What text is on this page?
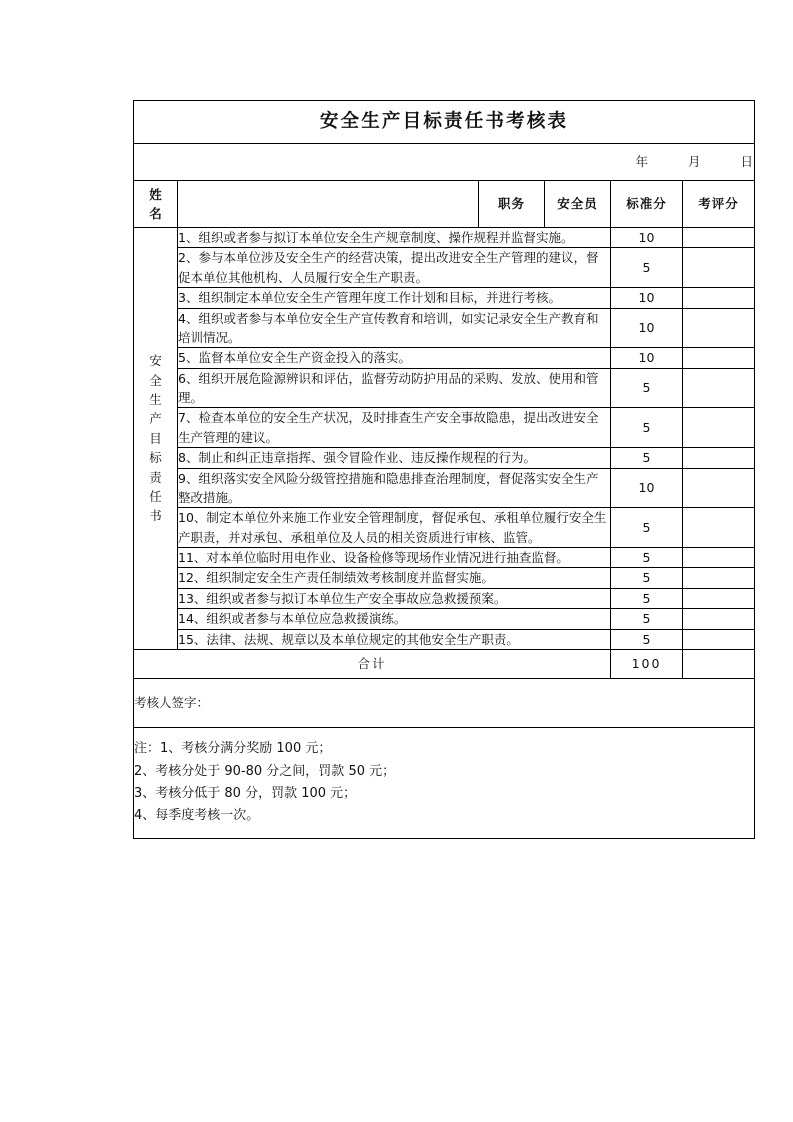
安全生产目标责任书考核表					
年 月 日					

姓
名		职务	安全员	标准分	考评分

安
全
生
产
目
标
责
任
书
	1、组织或者参与拟订本单位安全生产规章制度、操作规程并监督实施。	10	
	2、参与本单位涉及安全生产的经营决策，提出改进安全生产管理的建议，督促本单位其他机构、人员履行安全生产职责。			5	
	3、组织制定本单位安全生产管理年度工作计划和目标，并进行考核。			10	
	4、组织或者参与本单位安全生产宣传教育和培训，如实记录安全生产教育和培训情况。			10	
	5、监督本单位安全生产资金投入的落实。			10	
	6、组织开展危险源辨识和评估，监督劳动防护用品的采购、发放、使用和管理。			5	
	7、检查本单位的安全生产状况，及时排查生产安全事故隐患，提出改进安全生产管理的建议。			5	
	8、制止和纠正违章指挥、强令冒险作业、违反操作规程的行为。			5	
	9、组织落实安全风险分级管控措施和隐患排查治理制度，督促落实安全生产整改措施。			10	
	10、制定本单位外来施工作业安全管理制度，督促承包、承租单位履行安全生产职责，并对承包、承租单位及人员的相关资质进行审核、监管。			5	
	11、对本单位临时用电作业、设备检修等现场作业情况进行抽查监督。			5	
	12、组织制定安全生产责任制绩效考核制度并监督实施。			5	
	13、组织或者参与拟订本单位生产安全事故应急救援预案。			5	
	14、组织或者参与本单位应急救援演练。			5	
	15、法律、法规、规章以及本单位规定的其他安全生产职责。			5	
合计				100	
考核人签字：					

注：1、考核分满分奖励 100 元；
2、考核分处于 90-80 分之间，罚款 50 元；
3、考核分低于 80 分，罚款 100 元；
4、每季度考核一次。					
